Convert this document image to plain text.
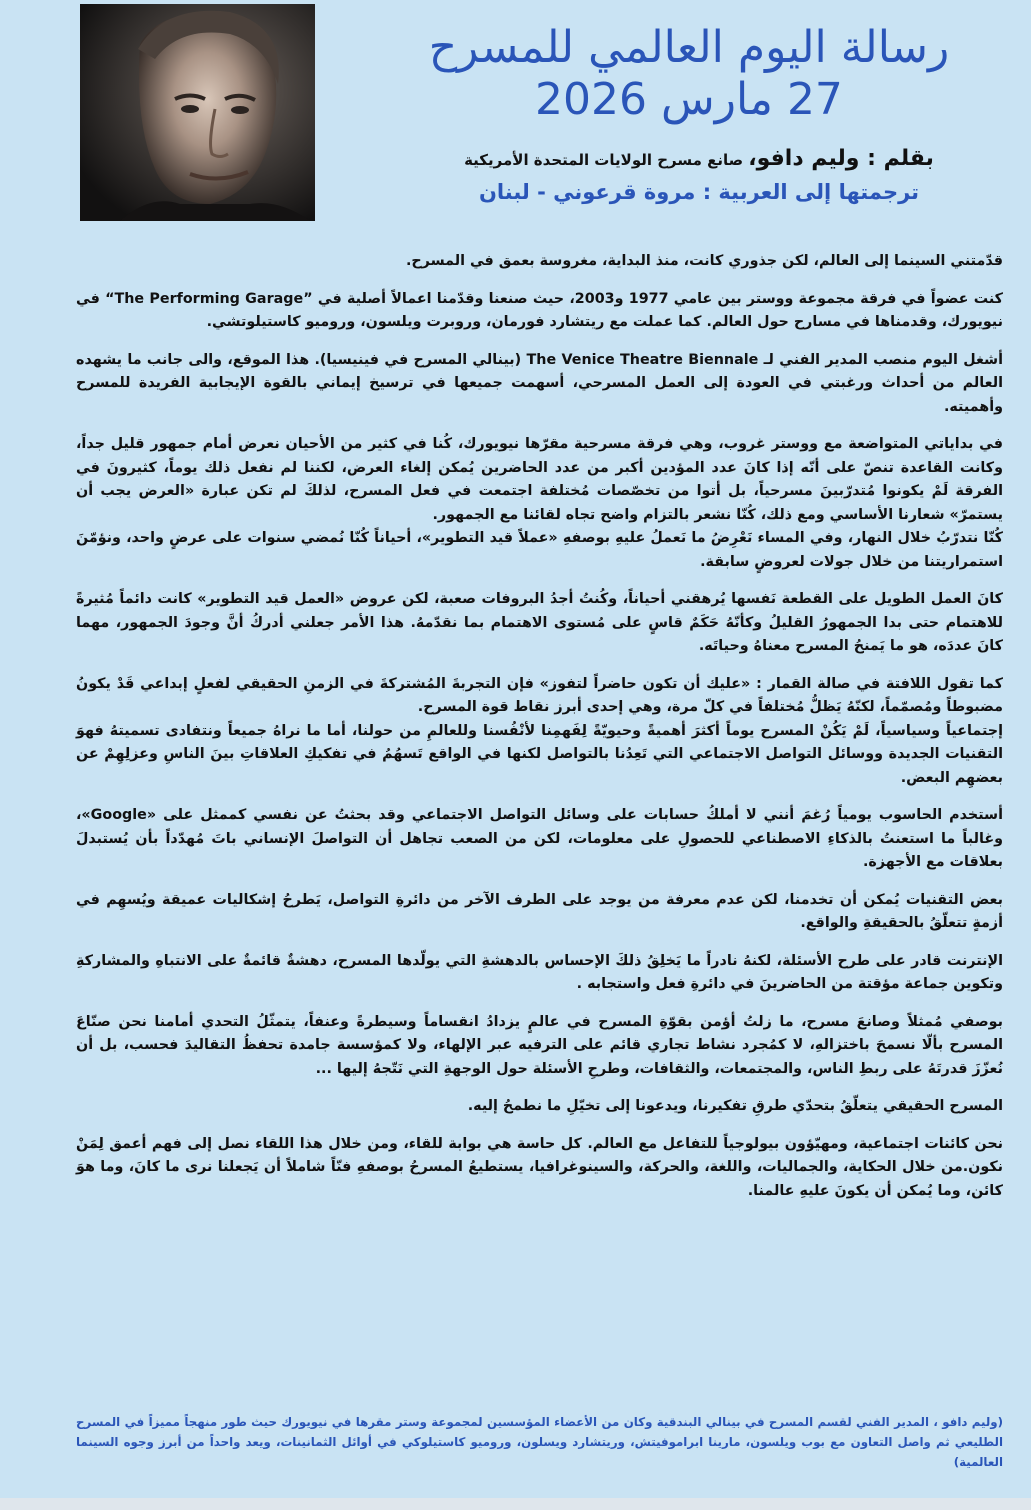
رسالة اليوم العالمي للمسرح
27 مارس 2026
بقلم : وليم دافو، صانع مسرح الولايات المتحدة الأمريكية
ترجمتها إلى العربية : مروة قرعوني - لبنان

قدّمتني السينما إلى العالم، لكن جذوري كانت، منذ البداية، مغروسة بعمق في المسرح.

كنت عضواً في فرقة مجموعة ووستر بين عامي 1977 و2003، حيث صنعنا وقدّمنا اعمالاً أصلية في ”The Performing Garage“ في نيويورك، وقدمناها في مسارح حول العالم. كما عملت مع ريتشارد فورمان، وروبرت ويلسون، وروميو كاستيلوتشي.

أشغل اليوم منصب المدير الفني لـ The Venice Theatre Biennale (بينالي المسرح في فينيسيا). هذا الموقع، والى جانب ما يشهده العالم من أحداث ورغبتي في العودة إلى العمل المسرحي، أسهمت جميعها في ترسيخ إيماني بالقوة الإيجابية الفريدة للمسرح وأهميته.

في بداياتي المتواضعة مع ووستر غروب، وهي فرقة مسرحية مقرّها نيويورك، كُنا في كثير من الأحيان نعرض أمام جمهور قليل جداً، وكانت القاعدة تنصّ على أنّه إذا كانَ عدد المؤدين أكبر من عدد الحاضرين يُمكن إلغاء العرض، لكننا لم نفعل ذلك يوماً، كثيرونَ في الفرقة لَمْ يكونوا مُتدرّبينَ مسرحياً، بل أتوا من تخصّصات مُختلفة اجتمعت في فعل المسرح، لذلكَ لم تكن عبارة «العرض يجب أن يستمرّ» شعارنا الأساسي ومع ذلك، كُنّا نشعر بالتزام واضح تجاه لقائنا مع الجمهور.

كُنّا نتدرّبُ خلال النهار، وفي المساء نَعْرِضُ ما نَعملُ عليهِ بوصفهِ «عملاً قيد التطوير»، أحياناً كُنّا نُمضي سنوات على عرضٍ واحد، ونؤمّنَ استمراريتنا من خلال جولات لعروضٍ سابقة.

كانَ العمل الطويل على القطعة نَفسها يُرهقني أحياناً، وكُنتُ أجدُ البروفات صعبة، لكن عروض «العمل قيد التطوير» كانت دائماً مُثيرةً للاهتمام حتى بدا الجمهورُ القليلُ وكأنّهُ حَكَمٌ قاسٍ على مُستوى الاهتمام بما نقدّمهُ. هذا الأمر جعلني أدركُ أنَّ وجودَ الجمهور، مهما كانَ عددَه، هو ما يَمنحُ المسرح معناهُ وحياتَه.

كما تقول اللافتة في صالة القمار : «عليك أن تكون حاضراً لتفوز» فإن التجربةَ المُشتركةَ في الزمنِ الحقيقي لفعلٍ إبداعي قَدْ يكونُ مضبوطاً ومُصمّماً، لكنّهُ يَظلُّ مُختلفاً في كلّ مرة، وهي إحدى أبرز نقاط قوة المسرح.

إجتماعياً وسياسياً، لَمْ يَكُنْ المسرح يوماً أكثرَ أهميةً وحيويّةً لِفَهمِنا لأنْفُسنا وللعالمِ من حولنا، أما ما نراهُ جميعاً ونتفادى تسميتهُ فهوَ التقنيات الجديدة ووسائل التواصل الاجتماعي التي تَعِدُنا بالتواصل لكنها في الواقع تَسهُمُ في تفكيكِ العلاقاتِ بينَ الناسِ وعزلِهِمْ عن بعضهِم البعض.

أستخدم الحاسوب يومياً رُغمَ أنني لا أملكُ حسابات على وسائل التواصل الاجتماعي وقد بحثتُ عن نفسي كممثل على «Google»، وغالباً ما استعنتُ بالذكاءِ الاصطناعي للحصولِ على معلومات، لكن من الصعب تجاهل أن التواصلَ الإنساني باتَ مُهدّداً بأن يُستبدلَ بعلاقات مع الأجهزة.

بعض التقنيات يُمكن أن تخدمنا، لكن عدم معرفة من يوجد على الطرف الآخر من دائرةِ التواصل، يَطرحُ إشكاليات عميقة ويُسهِم في أزمةٍ تتعلّقُ بالحقيقةِ والواقع.

الإنترنت قادر على طرح الأسئلة، لكنهُ نادراً ما يَخلِقُ ذلكَ الإحساس بالدهشةِ التي يولّدها المسرح، دهشةٌ قائمةٌ على الانتباهِ والمشاركةِ وتكوين جماعة مؤقتة من الحاضرينَ في دائرةِ فعل واستجابه .

بوصفي مُمثلاً وصانعَ مسرح، ما زلتُ أؤمن بقوّةِ المسرح في عالمٍ يزدادُ انقساماً وسيطرةً وعنفاً، يتمثّلُ التحدي أمامنا نحن صنّاعَ المسرح بألّا نسمحَ باختزالهِ، لا كمُجرد نشاط تجاري قائم على الترفيه عبر الإلهاء، ولا كمؤسسة جامدة تحفظُ التقاليدَ فحسب، بل أن نُعزّزَ قدرتَهُ على ربطِ الناس، والمجتمعات، والثقافات، وطرحِ الأسئلة حول الوجهةِ التي نَتّجهُ إليها ...

المسرح الحقيقي يتعلّقُ بتحدّي طرقِ تفكيرنا، ويدعونا إلى تخيّلِ ما نطمحُ إليه.

نحن كائنات اجتماعية، ومهيّؤون بيولوجياً للتفاعل مع العالم. كل حاسة هي بوابة للقاء، ومن خلال هذا اللقاء نصل إلى فهم أعمق لِمَنْ نكون.من خلال الحكاية، والجماليات، واللغة، والحركة، والسينوغرافيا، يستطيعُ المسرحُ بوصفهِ فنّاً شاملاً أن يَجعلنا نرى ما كانَ، وما هوَ كائن، وما يُمكن أن يكونَ عليهِ عالمنا.

(وليم دافو ، المدير الفني لقسم المسرح في بينالي البندقية وكان من الأعضاء المؤسسين لمجموعة وستر مقرها في نيويورك حيث طور منهجاً مميزاً في المسرح الطليعي ثم واصل التعاون مع بوب ويلسون، مارينا ابراموفيتش، وريتشارد ويسلون، وروميو كاستيلوكي في أوائل الثمانينات، ويعد واحداً من أبرز وجوه السينما العالمية)
